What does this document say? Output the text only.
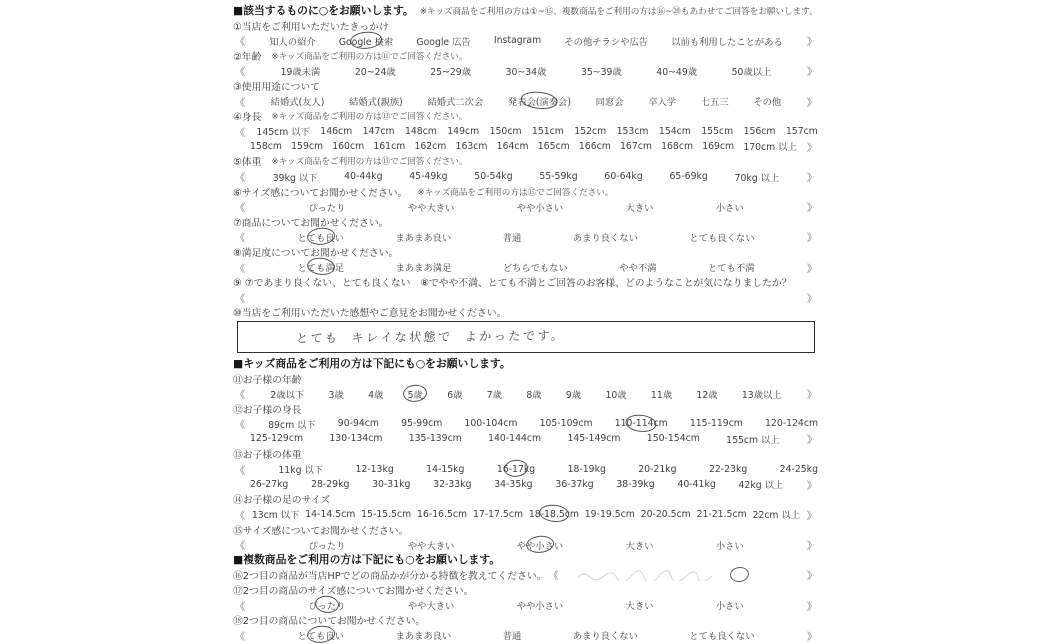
■該当するものに○をお願いします。 ※キッズ商品をご利用の方は①~⑮、複数商品をご利用の方は⑯~⑳もあわせてご回答をお願いします。
①当店をご利用いただいたきっかけ
《	知人の紹介 Google 検索 Google 広告 Instagram その他チラシや広告 以前も利用したことがある 》
②年齢 ※キッズ商品をご利用の方は⑪でご回答ください。
《	19歳未満	20~24歳	25~29歳	30~34歳	35~39歳	40~49歳	50歳以上	》
③使用用途について
《	結婚式(友人)	結婚式(親族)	結婚式二次会	発表会(演奏会)	同窓会	卒入学	七五三	その他	》
④身長 ※キッズ商品をご利用の方は⑫でご回答ください。
《 145cm 以下 146cm 147cm 148cm 149cm 150cm 151cm 152cm 153cm 154cm 155cm 156cm 157cm
158cm 159cm 160cm 161cm 162cm 163cm 164cm 165cm 166cm 167cm 168cm 169cm 170cm 以上 》
⑤体重 ※キッズ商品をご利用の方は⑬でご回答ください。
《	39kg 以下	40-44kg	45-49kg	50-54kg	55-59kg	60-64kg	65-69kg	70kg 以上	》
⑥サイズ感についてお聞かせください。 ※キッズ商品をご利用の方は⑮でご回答ください。
《	ぴったり	やや大きい	やや小さい	大きい	小さい	》
⑦商品についてお聞かせください。
《	とても良い	まあまあ良い	普通	あまり良くない	とても良くない	》
⑧満足度についてお聞かせください。
《	とても満足	まあまあ満足	どちらでもない	やや不満	とても不満	》
⑨ ⑦であまり良くない、とても良くない　⑧でやや不満、とても不満とご回答のお客様、どのようなことが気になりましたか？
《	》
⑩当店をご利用いただいた感想やご意見をお聞かせください。
とても キレイな状態で よかったです。
■キッズ商品をご利用の方は下記にも○をお願いします。
⑪お子様の年齢
《	2歳以下	3歳	4歳	5歳	6歳	7歳	8歳	9歳	10歳	11歳	12歳	13歳以上	》
⑫お子様の身長
《 89cm 以下 90-94cm 95-99cm 100-104cm 105-109cm 110-114cm 115-119cm 120-124cm
125-129cm	130-134cm	135-139cm	140-144cm	145-149cm	150-154cm	155cm 以上	》
⑬お子様の体重
《	11kg 以下	12-13kg	14-15kg	16-17kg	18-19kg	20-21kg	22-23kg	24-25kg
26-27kg 28-29kg 30-31kg 32-33kg 34-35kg 36-37kg 38-39kg 40-41kg 42kg 以上 》
⑭お子様の足のサイズ
《 13cm 以下 14-14.5cm 15-15.5cm 16-16.5cm 17-17.5cm 18-18.5cm 19-19.5cm 20-20.5cm 21-21.5cm 22cm 以上 》
⑮サイズ感についてお聞かせください。
《	ぴったり	やや大きい	やや小さい	大きい	小さい	》
■複数商品をご利用の方は下記にも○をお願いします。
⑯2つ目の商品が当店HPでどの商品かが分かる特徴を教えてください。 《	》
⑰2つ目の商品のサイズ感についてお聞かせください。
《	ぴったり	やや大きい	やや小さい	大きい	小さい	》
⑱2つ目の商品についてお聞かせください。
《	とても良い	まあまあ良い	普通	あまり良くない	とても良くない	》
